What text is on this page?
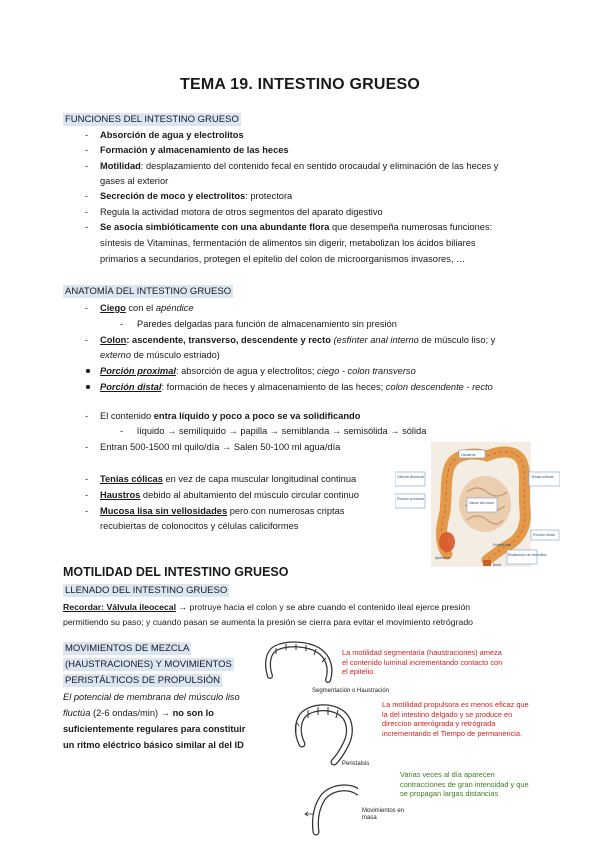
TEMA 19. INTESTINO GRUESO
FUNCIONES DEL INTESTINO GRUESO
- Absorción de agua y electrolitos
- Formación y almacenamiento de las heces
- Motilidad: desplazamiento del contenido fecal en sentido orocaudal y eliminación de las heces y
gases al exterior
- Secreción de moco y electrolitos: protectora
- Regula la actividad motora de otros segmentos del aparato digestivo
- Se asocia simbióticamente con una abundante flora que desempeña numerosas funciones:
síntesis de Vitaminas, fermentación de alimentos sin digerir, metabolizan los ácidos biliares
primarios a secundarios, protegen el epitelio del colon de microorganismos invasores, …
ANATOMÍA DEL INTESTINO GRUESO
- Ciego con el apéndice
- Paredes delgadas para función de almacenamiento sin presión
- Colon: ascendente, transverso, descendente y recto (esfínter anal interno de músculo liso; y
externo de músculo estriado)
Porción proximal: absorción de agua y electrolitos; ciego - colon transverso
Porción distal: formación de heces y almacenamiento de las heces; colon descendente - recto
- El contenido entra líquido y poco a poco se va solidificando
- líquido → semilíquido → papilla → semiblanda → semisólida → sólida
- Entran 500-1500 ml quilo/día → Salen 50-100 ml agua/día
- Tenias cólicas en vez de capa muscular longitudinal continua
- Haustros debido al abultamiento del músculo circular continuo
- Mucosa lisa sin vellosidades pero con numerosas criptas
recubiertas de colonocitos y células caliciformes
Válvula ileocecal
Porción proximal
Haustros
Tenias cólicas
Vasos del colon
Reabsorción de electrolitos
Porción distal
Apéndice
Recto
Esfínter anal
MOTILIDAD DEL INTESTINO GRUESO
LLENADO DEL INTESTINO GRUESO
Recordar: Válvula ileocecal → protruye hacia el colon y se abre cuando el contenido ileal ejerce presión
permitiendo su paso; y cuando pasan se aumenta la presión se cierra para evitar el movimiento retrógrado
MOVIMIENTOS DE MEZCLA
(HAUSTRACIONES) Y MOVIMIENTOS
PERISTÁLTICOS DE PROPULSIÓN
El potencial de membrana del músculo liso
fluctúa (2-6 ondas/min) → no son lo
suficientemente regulares para constituir
un ritmo eléctrico básico similar al del ID
Segmentación o Haustración
Peristalsis
Movimientos en masa
La motilidad segmentaria (haustraciones) ameza
el contenido luminal incrementando contacto con
el epitelio.
La motilidad propulsora es menos eficaz que
la del intestino delgado y se produce en
direccion anterógrada y retrógrada
incrementando el Tiempo de permanencia.
Varias veces al día aparecen
contracciones de gran intensidad y que
se propagan largas distancias
